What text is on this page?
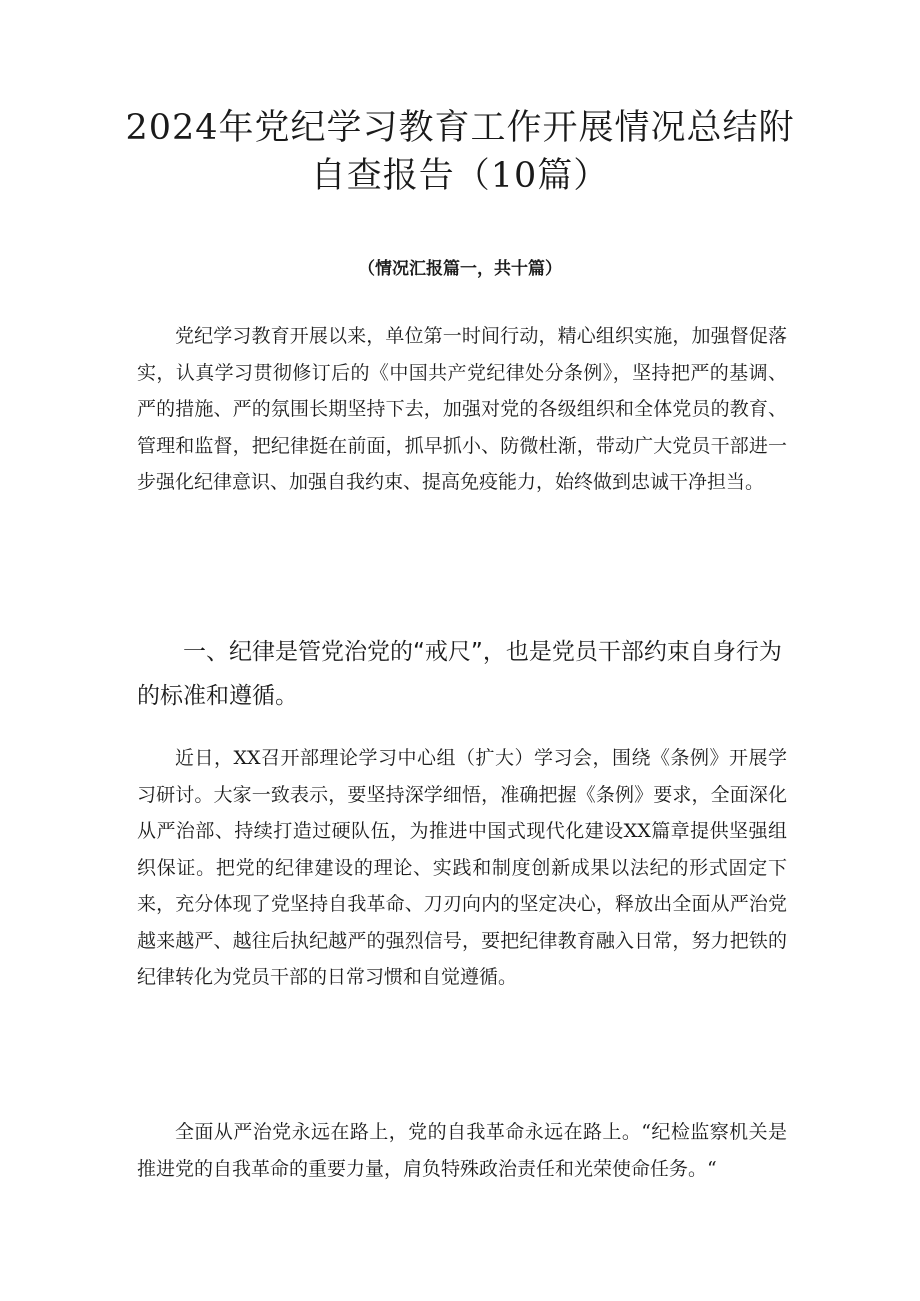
2024年党纪学习教育工作开展情况总结附
自查报告（10篇）

（情况汇报篇一，共十篇）

党纪学习教育开展以来，单位第一时间行动，精心组织实施，加强督促落实，认真学习贯彻修订后的《中国共产党纪律处分条例》，坚持把严的基调、严的措施、严的氛围长期坚持下去，加强对党的各级组织和全体党员的教育、管理和监督，把纪律挺在前面，抓早抓小、防微杜渐，带动广大党员干部进一步强化纪律意识、加强自我约束、提高免疫能力，始终做到忠诚干净担当。

一、纪律是管党治党的“戒尺”，也是党员干部约束自身行为的标准和遵循。

近日，XX召开部理论学习中心组（扩大）学习会，围绕《条例》开展学习研讨。大家一致表示，要坚持深学细悟，准确把握《条例》要求，全面深化从严治部、持续打造过硬队伍，为推进中国式现代化建设XX篇章提供坚强组织保证。把党的纪律建设的理论、实践和制度创新成果以法纪的形式固定下来，充分体现了党坚持自我革命、刀刃向内的坚定决心，释放出全面从严治党越来越严、越往后执纪越严的强烈信号，要把纪律教育融入日常，努力把铁的纪律转化为党员干部的日常习惯和自觉遵循。

全面从严治党永远在路上，党的自我革命永远在路上。“纪检监察机关是推进党的自我革命的重要力量，肩负特殊政治责任和光荣使命任务。“
